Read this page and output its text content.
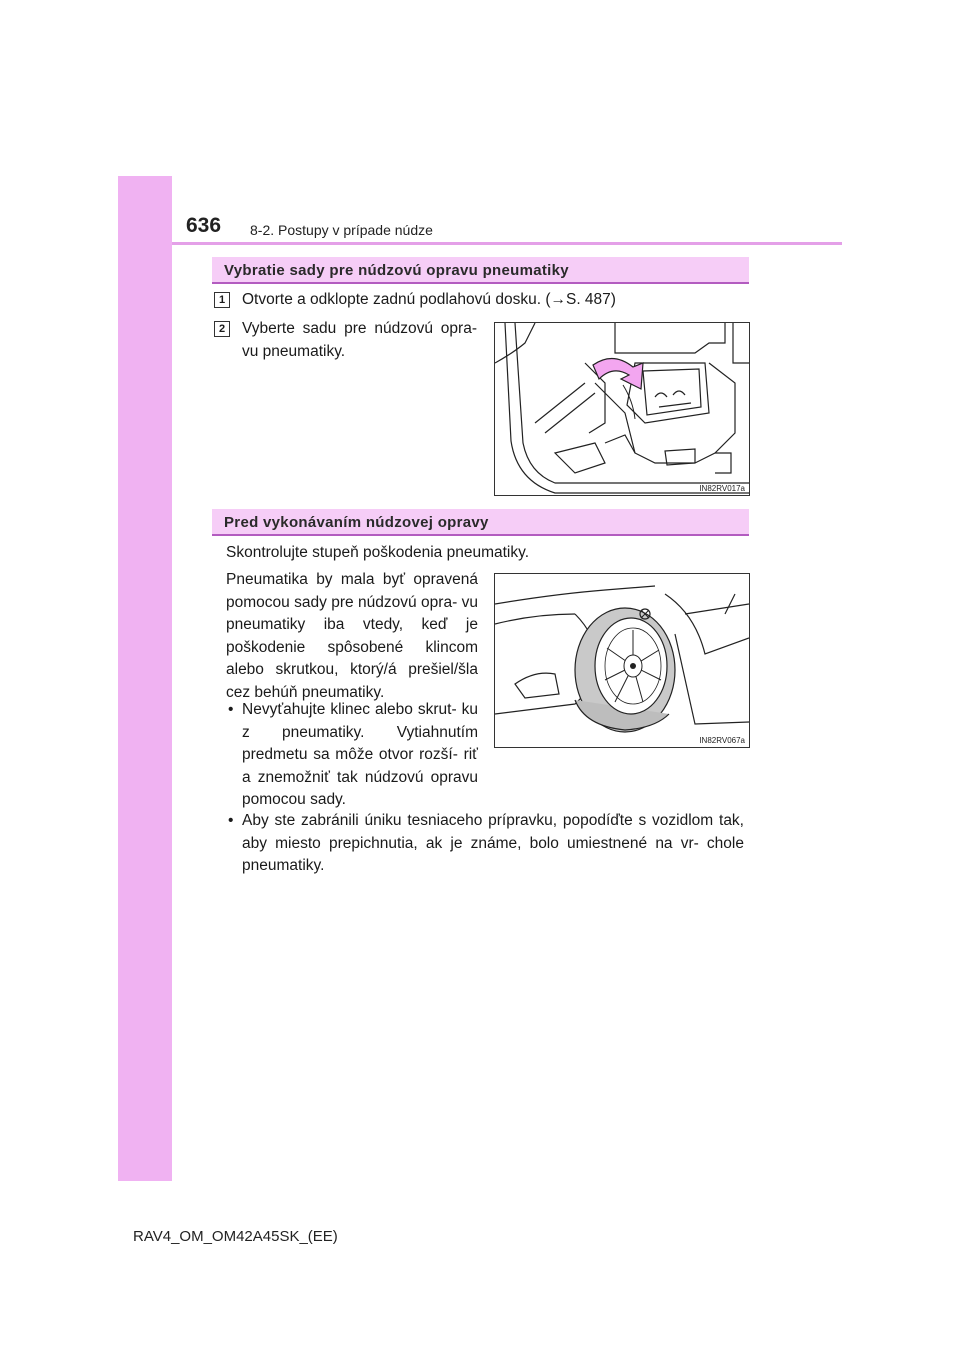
636 8-2. Postupy v prípade núdze
Vybratie sady pre núdzovú opravu pneumatiky
1	Otvorte a odklopte zadnú podlahovú dosku. (→S. 487)
2	Vyberte sadu pre núdzovú opra- vu pneumatiky.
IN82RV017a
Pred vykonávaním núdzovej opravy
Skontrolujte stupeň poškodenia pneumatiky.
Pneumatika by mala byť opravená pomocou sady pre núdzovú opra- vu pneumatiky iba vtedy, keď je poškodenie spôsobené klincom alebo skrutkou, ktorý/á prešiel/šla cez behúň pneumatiky.
• Nevyťahujte klinec alebo skrut- ku z pneumatiky. Vytiahnutím predmetu sa môže otvor rozší- riť a znemožniť tak núdzovú opravu pomocou sady.
• Aby ste zabránili úniku tesniaceho prípravku, popodíďte s vozidlom tak, aby miesto prepichnutia, ak je známe, bolo umiestnené na vr- chole pneumatiky.
IN82RV067a
RAV4_OM_OM42A45SK_(EE)
